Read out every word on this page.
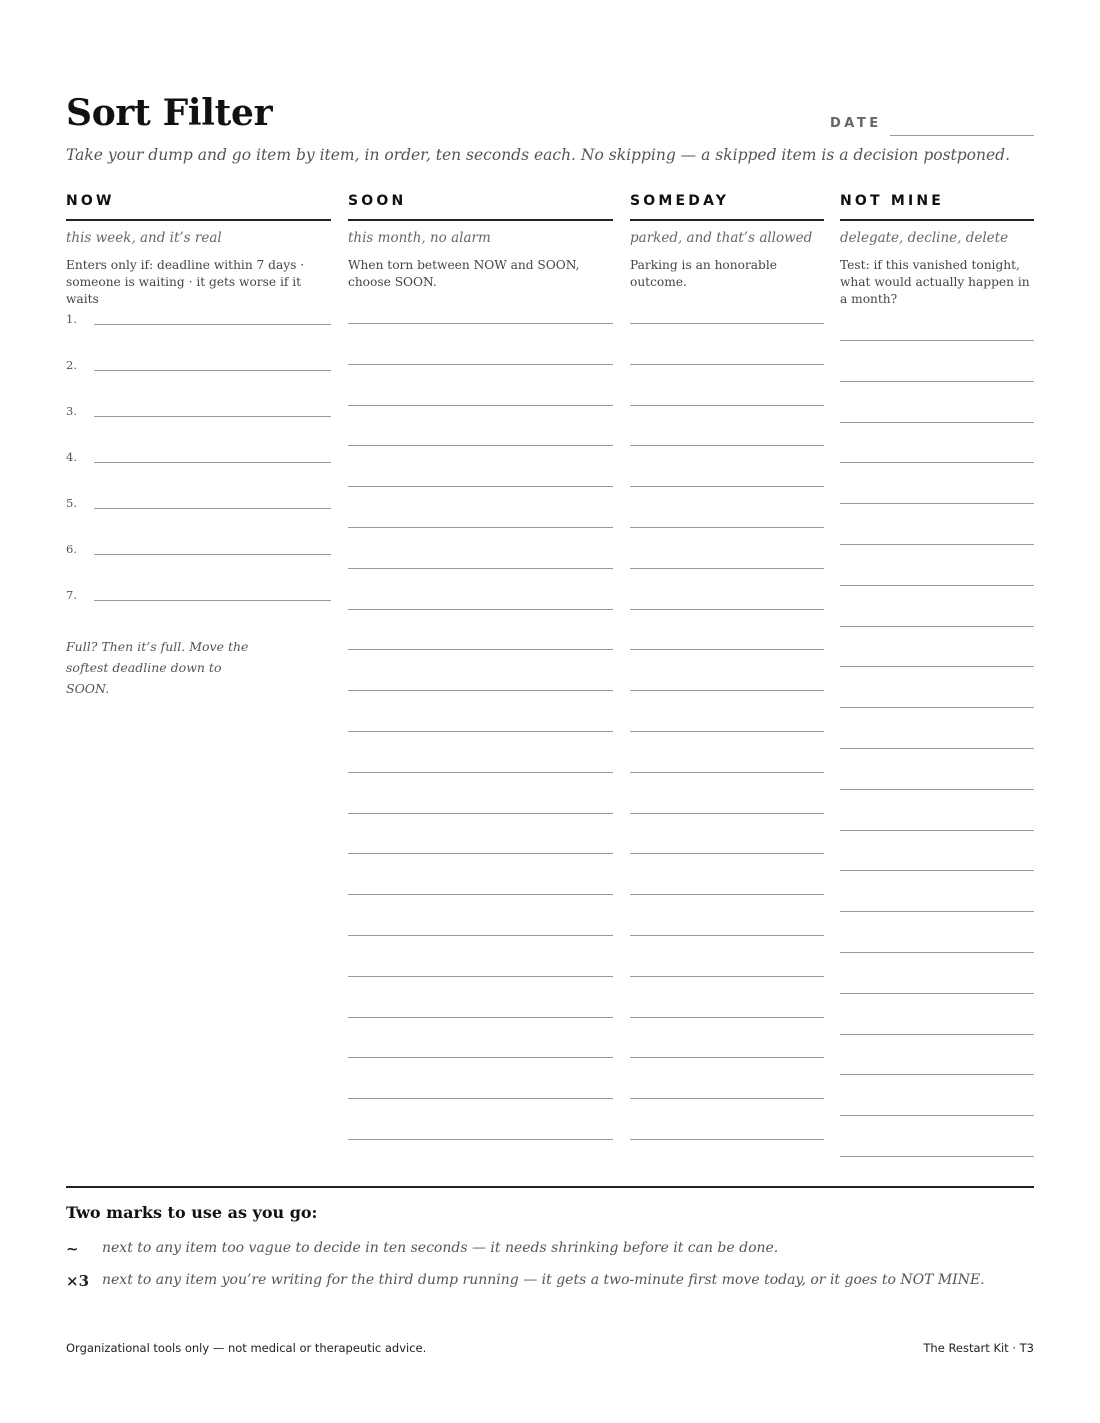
Sort Filter	DATE
Take your dump and go item by item, in order, ten seconds each. No skipping — a skipped item is a decision postponed.
NOW
this week, and it’s real
Enters only if: deadline within 7 days · someone is waiting · it gets worse if it waits
1.
2.
3.
4.
5.
6.
7.
Full? Then it’s full. Move the softest deadline down to SOON.
SOON
this month, no alarm
When torn between NOW and SOON, choose SOON.
SOMEDAY
parked, and that’s allowed
Parking is an honorable outcome.
NOT MINE
delegate, decline, delete
Test: if this vanished tonight, what would actually happen in a month?
Two marks to use as you go:
~ next to any item too vague to decide in ten seconds — it needs shrinking before it can be done.
×3 next to any item you’re writing for the third dump running — it gets a two-minute first move today, or it goes to NOT MINE.
Organizational tools only — not medical or therapeutic advice.	The Restart Kit · T3
